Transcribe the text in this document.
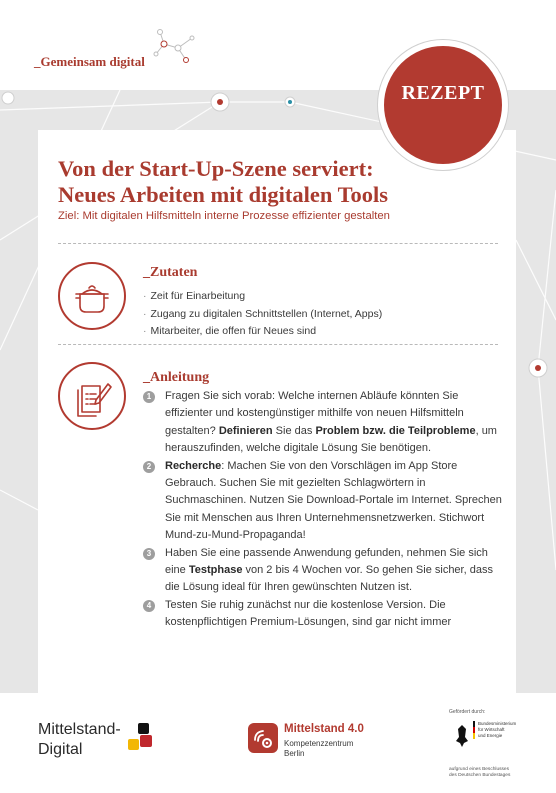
_Gemeinsam digital
REZEPT
Von der Start-Up-Szene serviert:
Neues Arbeiten mit digitalen Tools
Ziel: Mit digitalen Hilfsmitteln interne Prozesse effizienter gestalten
_Zutaten
· Zeit für Einarbeitung
· Zugang zu digitalen Schnittstellen (Internet, Apps)
· Mitarbeiter, die offen für Neues sind
_Anleitung
1	Fragen Sie sich vorab: Welche internen Abläufe könnten Sie effizienter und kostengünstiger mithilfe von neuen Hilfsmitteln gestalten? Definieren Sie das Problem bzw. die Teilprobleme, um herauszufinden, welche digitale Lösung Sie benötigen.
2	Recherche: Machen Sie von den Vorschlägen im App Store Gebrauch. Suchen Sie mit gezielten Schlagwörtern in Suchmaschinen. Nutzen Sie Download-Portale im Internet. Sprechen Sie mit Menschen aus Ihren Unternehmensnetzwerken. Stichwort Mund-zu-Mund-Propaganda!
3	Haben Sie eine passende Anwendung gefunden, nehmen Sie sich eine Testphase von 2 bis 4 Wochen vor. So gehen Sie sicher, dass die Lösung ideal für Ihren gewünschten Nutzen ist.
4	Testen Sie ruhig zunächst nur die kostenlose Version. Die kostenpflichtigen Premium-Lösungen, sind gar nicht immer
Mittelstand-
Digital
Mittelstand 4.0
Kompetenzzentrum
Berlin
Gefördert durch:
Bundesministerium
für Wirtschaft
und Energie
aufgrund eines Beschlusses
des Deutschen Bundestages
